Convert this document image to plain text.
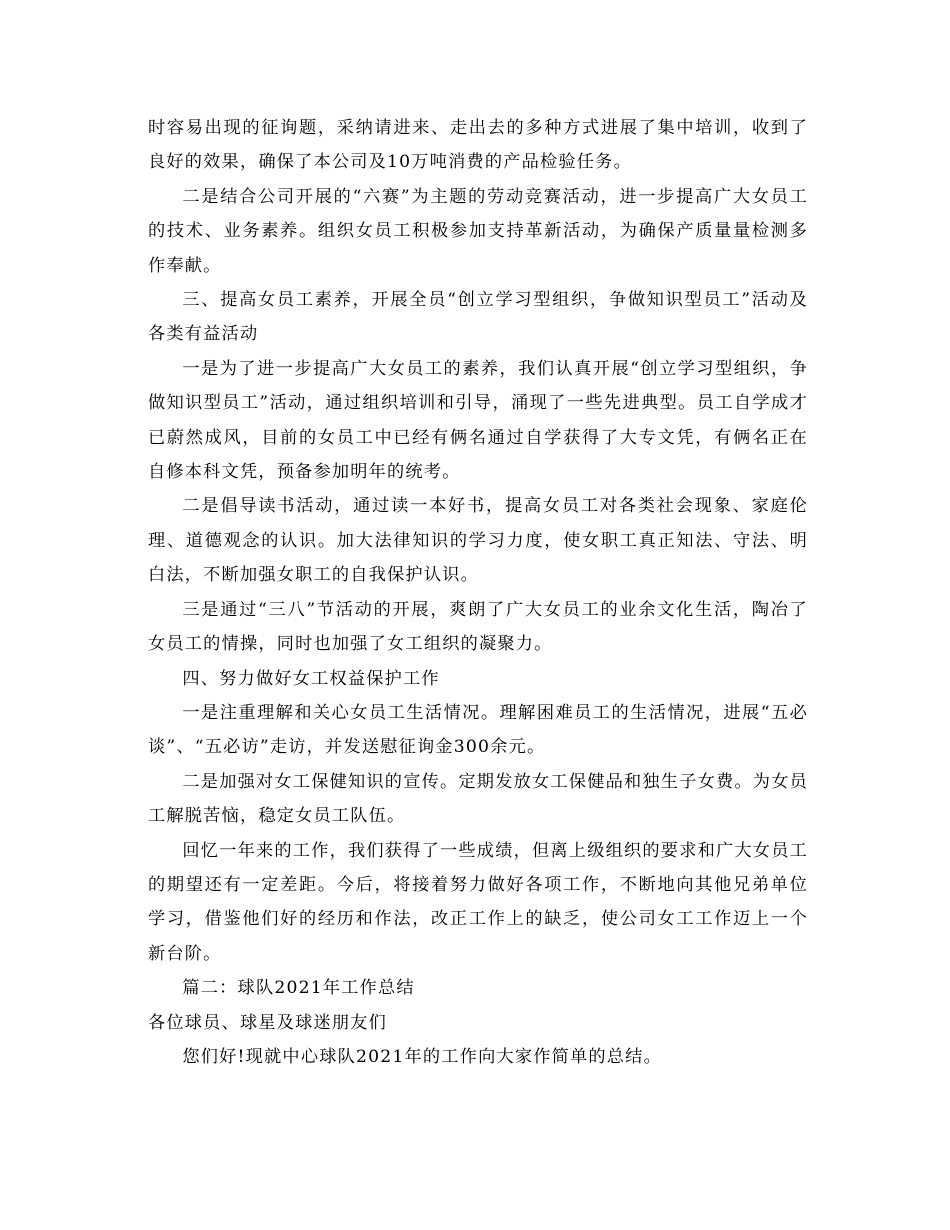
时容易出现的征询题，采纳请进来、走出去的多种方式进展了集中培训，收到了良好的效果，确保了本公司及10万吨消费的产品检验任务。

二是结合公司开展的“六赛”为主题的劳动竞赛活动，进一步提高广大女员工的技术、业务素养。组织女员工积极参加支持革新活动，为确保产质量量检测多作奉献。

三、提高女员工素养，开展全员“创立学习型组织，争做知识型员工”活动及各类有益活动

一是为了进一步提高广大女员工的素养，我们认真开展“创立学习型组织，争做知识型员工”活动，通过组织培训和引导，涌现了一些先进典型。员工自学成才已蔚然成风，目前的女员工中已经有俩名通过自学获得了大专文凭，有俩名正在自修本科文凭，预备参加明年的统考。

二是倡导读书活动，通过读一本好书，提高女员工对各类社会现象、家庭伦理、道德观念的认识。加大法律知识的学习力度，使女职工真正知法、守法、明白法，不断加强女职工的自我保护认识。

三是通过“三八”节活动的开展，爽朗了广大女员工的业余文化生活，陶冶了女员工的情操，同时也加强了女工组织的凝聚力。

四、努力做好女工权益保护工作

一是注重理解和关心女员工生活情况。理解困难员工的生活情况，进展“五必谈”、“五必访”走访，并发送慰征询金300余元。

二是加强对女工保健知识的宣传。定期发放女工保健品和独生子女费。为女员工解脱苦恼，稳定女员工队伍。

回忆一年来的工作，我们获得了一些成绩，但离上级组织的要求和广大女员工的期望还有一定差距。今后，将接着努力做好各项工作，不断地向其他兄弟单位学习，借鉴他们好的经历和作法，改正工作上的缺乏，使公司女工工作迈上一个新台阶。

篇二：球队2021年工作总结

各位球员、球星及球迷朋友们

您们好!现就中心球队2021年的工作向大家作简单的总结。
